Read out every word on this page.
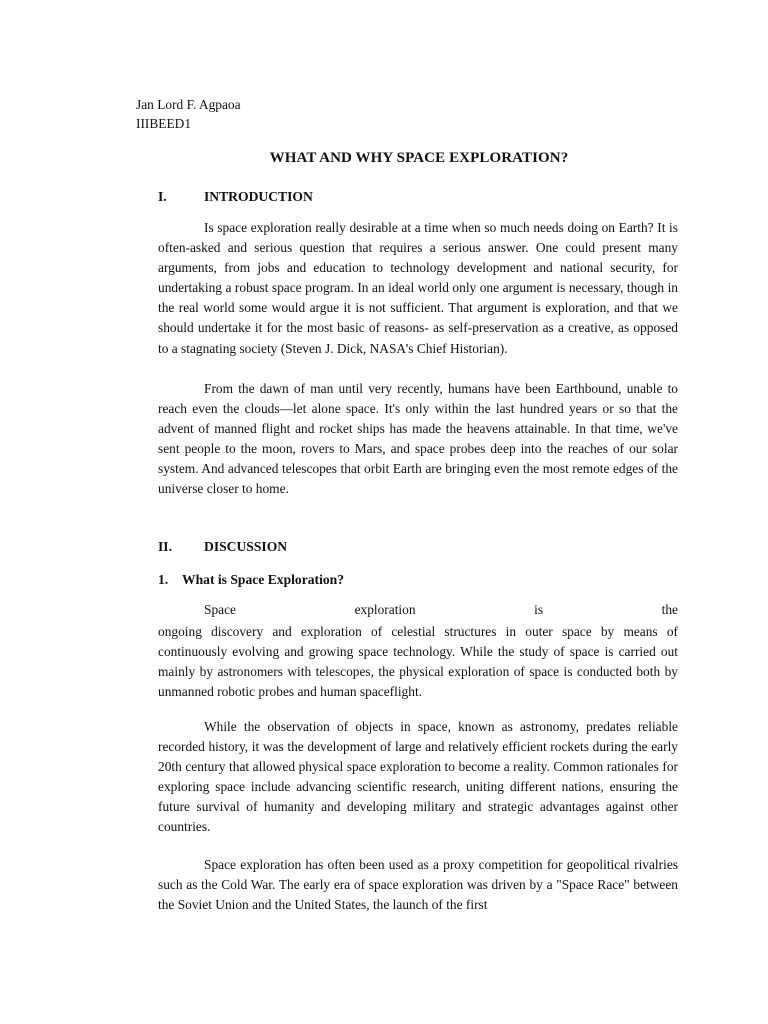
Jan Lord F. Agpaoa
IIIBEED1
WHAT AND WHY SPACE EXPLORATION?
I.	INTRODUCTION

Is space exploration really desirable at a time when so much needs doing on Earth? It is often-asked and serious question that requires a serious answer. One could present many arguments, from jobs and education to technology development and national security, for undertaking a robust space program. In an ideal world only one argument is necessary, though in the real world some would argue it is not sufficient. That argument is exploration, and that we should undertake it for the most basic of reasons- as self-preservation as a creative, as opposed to a stagnating society (Steven J. Dick, NASA’s Chief Historian).

From the dawn of man until very recently, humans have been Earthbound, unable to reach even the clouds—let alone space. It's only within the last hundred years or so that the advent of manned flight and rocket ships has made the heavens attainable. In that time, we've sent people to the moon, rovers to Mars, and space probes deep into the reaches of our solar system. And advanced telescopes that orbit Earth are bringing even the most remote edges of the universe closer to home.

II. DISCUSSION
1. What is Space Exploration?
Space	exploration	is	the

ongoing discovery and exploration of celestial structures in outer space by means of continuously evolving and growing space technology. While the study of space is carried out mainly by astronomers with telescopes, the physical exploration of space is conducted both by unmanned robotic probes and human spaceflight.

While the observation of objects in space, known as astronomy, predates reliable recorded history, it was the development of large and relatively efficient rockets during the early 20th century that allowed physical space exploration to become a reality. Common rationales for exploring space include advancing scientific research, uniting different nations, ensuring the future survival of humanity and developing military and strategic advantages against other countries.

Space exploration has often been used as a proxy competition for geopolitical rivalries such as the Cold War. The early era of space exploration was driven by a "Space Race" between the Soviet Union and the United States, the launch of the first
